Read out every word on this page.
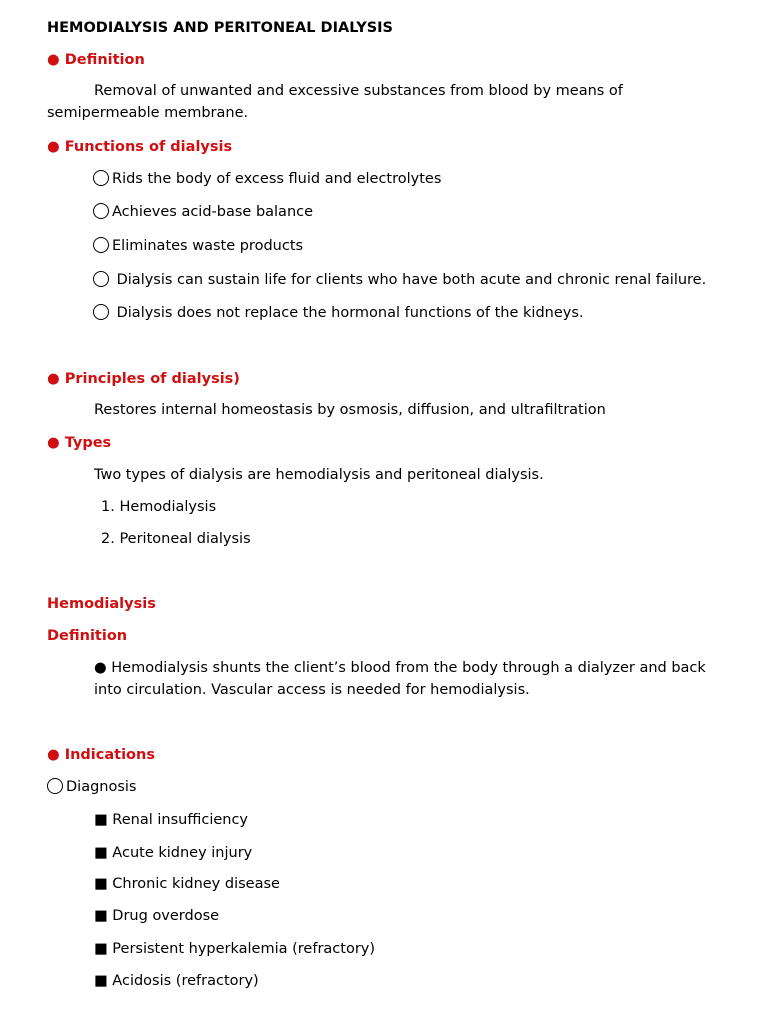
HEMODIALYSIS AND PERITONEAL DIALYSIS
● Definition
Removal of unwanted and excessive substances from blood by means of semipermeable membrane.
● Functions of dialysis
Rids the body of excess fluid and electrolytes
Achieves acid-base balance
Eliminates waste products
Dialysis can sustain life for clients who have both acute and chronic renal failure.
Dialysis does not replace the hormonal functions of the kidneys.
● Principles of dialysis)
Restores internal homeostasis by osmosis, diffusion, and ultrafiltration
● Types
Two types of dialysis are hemodialysis and peritoneal dialysis.
1. Hemodialysis
2. Peritoneal dialysis
Hemodialysis
Definition
● Hemodialysis shunts the client’s blood from the body through a dialyzer and back into circulation. Vascular access is needed for hemodialysis.
● Indications
Diagnosis
■ Renal insufficiency
■ Acute kidney injury
■ Chronic kidney disease
■ Drug overdose
■ Persistent hyperkalemia (refractory)
■ Acidosis (refractory)
